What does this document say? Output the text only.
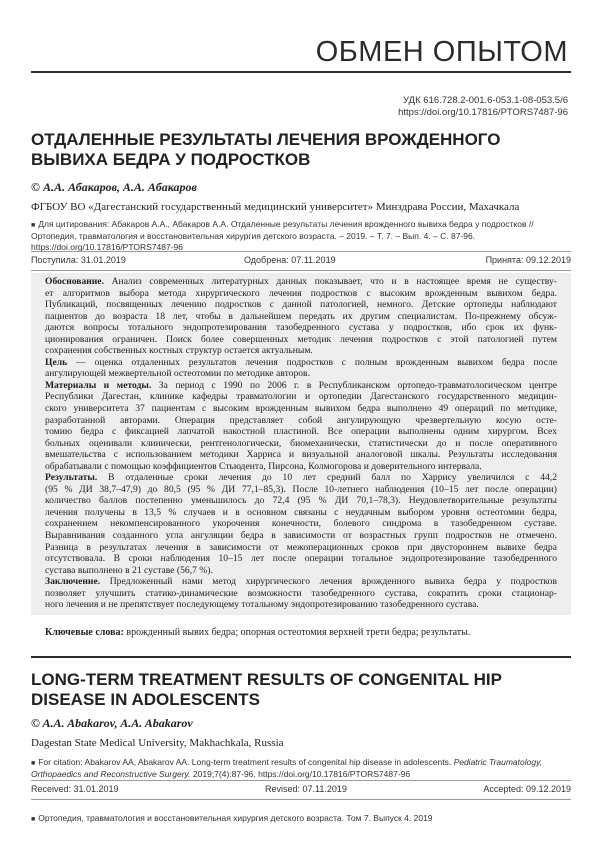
ОБМЕН ОПЫТОМ
УДК 616.728.2-001.6-053.1-08-053.5/6
https://doi.org/10.17816/PTORS7487-96
ОТДАЛЕННЫЕ РЕЗУЛЬТАТЫ ЛЕЧЕНИЯ ВРОЖДЕННОГО ВЫВИХА БЕДРА У ПОДРОСТКОВ
© А.А. Абакаров, А.А. Абакаров
ФГБОУ ВО «Дагестанский государственный медицинский университет» Минздрава России, Махачкала
■ Для цитирования: Абакаров А.А., Абакаров А.А. Отдаленные результаты лечения врожденного вывиха бедра у подростков // Ортопедия, травматология и восстановительная хирургия детского возраста. – 2019. – Т. 7. – Вып. 4. – С. 87-96. https://doi.org/10.17816/PTORS7487-96
Поступила: 31.01.2019	Одобрена: 07.11.2019	Принята: 09.12.2019
Обоснование. Анализ современных литературных данных показывает, что и в настоящее время не существу-
ет алгоритмов выбора метода хирургического лечения подростков с высоким врожденным вывихом бедра.
Публикаций, посвященных лечению подростков с данной патологией, немного. Детские ортопеды наблюдают
пациентов до возраста 18 лет, чтобы в дальнейшем передать их другим специалистам. По-прежнему обсуж-
даются вопросы тотального эндопротезирования тазобедренного сустава у подростков, ибо срок их функ-
ционирования ограничен. Поиск более совершенных методик лечения подростков с этой патологией путем
сохранения собственных костных структур остается актуальным.
Цель — оценка отдаленных результатов лечения подростков с полным врожденным вывихом бедра после
ангулирующей межвертельной остеотомии по методике авторов.
Материалы и методы. За период с 1990 по 2006 г. в Республиканском ортопедо-травматологическом центре
Республики Дагестан, клинике кафедры травматологии и ортопедии Дагестанского государственного медицин-
ского университета 37 пациентам с высоким врожденным вывихом бедра выполнено 49 операций по методике,
разработанной авторами. Операция представляет собой ангулирующую чрезвертельную косую осте-
томию бедра с фиксацией лапчатой накостной пластиной. Все операции выполнены одним хирургом. Всех
больных оценивали клинически, рентгенологически, биомеханически, статистически до и после оперативного
вмешательства с использованием методики Харриса и визуальной аналоговой шкалы. Результаты исследования
обрабатывали с помощью коэффициентов Стьюдента, Пирсона, Колмогорова и доверительного интервала.
Результаты. В отдаленные сроки лечения до 10 лет средний балл по Харрису увеличился с 44,2
(95 % ДИ 38,7–47,9) до 80,5 (95 % ДИ 77,1–85,3). После 10-летнего наблюдения (10–15 лет после операции)
количество баллов постепенно уменьшилось до 72,4 (95 % ДИ 70,1–78,3). Неудовлетворительные результаты
лечения получены в 13,5 % случаев и в основном связаны с неудачным выбором уровня остеотомии бедра,
сохранением некомпенсированного укорочения конечности, болевого синдрома в тазобедренном суставе.
Выравнивания созданного угла ангуляции бедра в зависимости от возрастных групп подростков не отмечено.
Разница в результатах лечения в зависимости от межоперационных сроков при двустороннем вывихе бедра
отсутствовала. В сроки наблюдения 10–15 лет после операции тотальное эндопротезирование тазобедренного
сустава выполнено в 21 суставе (56,7 %).
Заключение. Предложенный нами метод хирургического лечения врожденного вывиха бедра у подростков
позволяет улучшить статико-динамические возможности тазобедренного сустава, сократить сроки стационар-
ного лечения и не препятствует последующему тотальному эндопротезированию тазобедренного сустава.
Ключевые слова: врожденный вывих бедра; опорная остеотомия верхней трети бедра; результаты.
LONG-TERM TREATMENT RESULTS OF CONGENITAL HIP DISEASE IN ADOLESCENTS
© A.A. Abakarov, A.A. Abakarov
Dagestan State Medical University, Makhachkala, Russia
■ For citation: Abakarov AA, Abakarov AA. Long-term treatment results of congenital hip disease in adolescents. Pediatric Traumatology, Orthopaedics and Reconstructive Surgery. 2019;7(4):87-96. https://doi.org/10.17816/PTORS7487-96
Received: 31.01.2019	Revised: 07.11.2019	Accepted: 09.12.2019
■ Ортопедия, травматология и восстановительная хирургия детского возраста. Том 7. Выпуск 4. 2019
